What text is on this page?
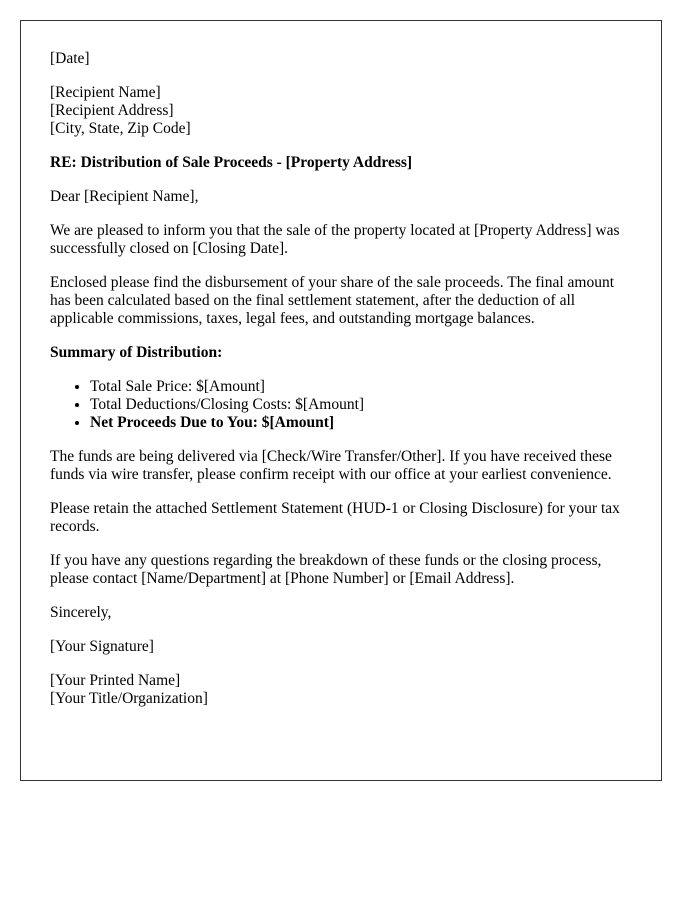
[Date]

[Recipient Name]
[Recipient Address]
[City, State, Zip Code]

RE: Distribution of Sale Proceeds - [Property Address]

Dear [Recipient Name],

We are pleased to inform you that the sale of the property located at [Property Address] was successfully closed on [Closing Date].

Enclosed please find the disbursement of your share of the sale proceeds. The final amount has been calculated based on the final settlement statement, after the deduction of all applicable commissions, taxes, legal fees, and outstanding mortgage balances.

Summary of Distribution:

• Total Sale Price: $[Amount]
• Total Deductions/Closing Costs: $[Amount]
• Net Proceeds Due to You: $[Amount]

The funds are being delivered via [Check/Wire Transfer/Other]. If you have received these funds via wire transfer, please confirm receipt with our office at your earliest convenience.

Please retain the attached Settlement Statement (HUD-1 or Closing Disclosure) for your tax records.

If you have any questions regarding the breakdown of these funds or the closing process, please contact [Name/Department] at [Phone Number] or [Email Address].

Sincerely,

[Your Signature]

[Your Printed Name]
[Your Title/Organization]
